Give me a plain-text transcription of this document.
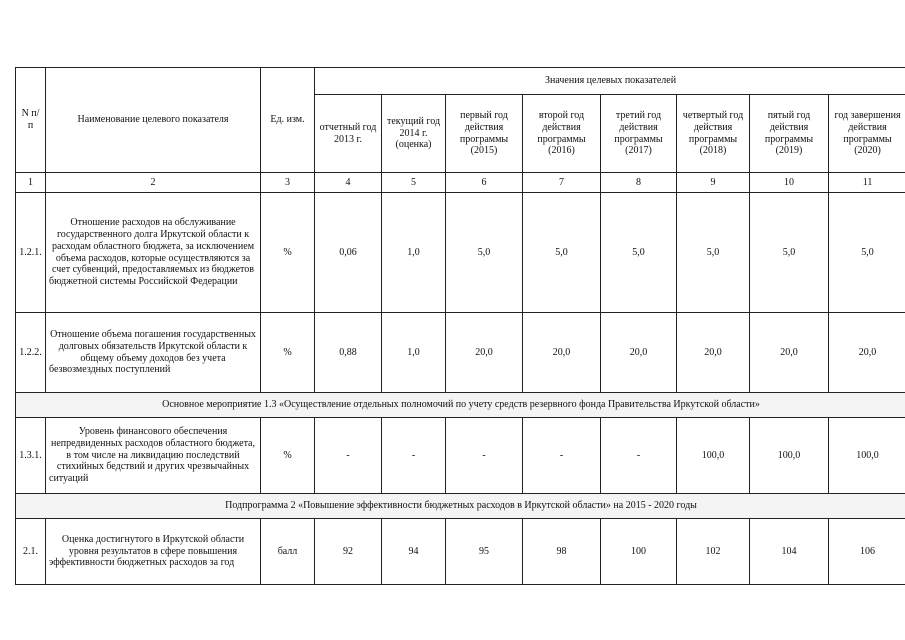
N п/п	Наименование целевого показателя	Ед. изм.	Значения целевых показателей							
			отчетный год 2013 г.	текущий год 2014 г. (оценка)	первый год действия программы (2015)	второй год действия программы (2016)	третий год действия программы (2017)	четвертый год действия программы (2018)	пятый год действия программы (2019)	год завершения действия программы (2020)
1	2	3	4	5	6	7	8	9	10	11
1.2.1.	Отношение расходов на обслуживание государственного долга Иркутской области к расходам областного бюджета, за исключением объема расходов, которые осуществляются за счет субвенций, предоставляемых из бюджетов бюджетной системы Российской Федерации	%	0,06	1,0	5,0	5,0	5,0	5,0	5,0	5,0
1.2.2.	Отношение объема погашения государственных долговых обязательств Иркутской области к общему объему доходов без учета безвозмездных поступлений	%	0,88	1,0	20,0	20,0	20,0	20,0	20,0	20,0
Основное мероприятие 1.3 «Осуществление отдельных полномочий по учету средств резервного фонда Правительства Иркутской области»										
1.3.1.	Уровень финансового обеспечения непредвиденных расходов областного бюджета, в том числе на ликвидацию последствий стихийных бедствий и других чрезвычайных ситуаций	%	-	-	-	-	-	100,0	100,0	100,0
Подпрограмма 2 «Повышение эффективности бюджетных расходов в Иркутской области» на 2015 - 2020 годы										
2.1.	Оценка достигнутого в Иркутской области уровня результатов в сфере повышения эффективности бюджетных расходов за год	балл	92	94	95	98	100	102	104	106
